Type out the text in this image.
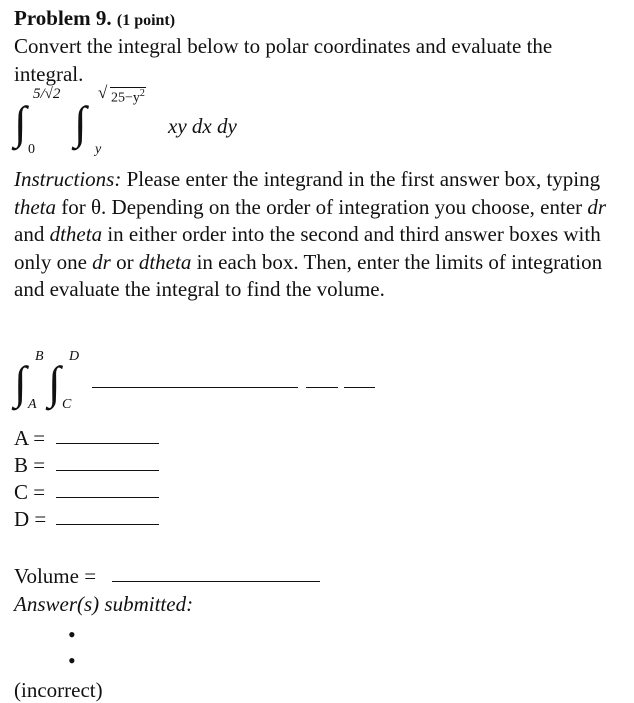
Problem 9. (1 point)
Convert the integral below to polar coordinates and evaluate the integral.
∫
5/√2
0
∫
y
√ $25-y^2$
xy dx dy
Instructions: Please enter the integrand in the first answer box, typing theta for θ. Depending on the order of integration you choose, enter dr and dtheta in either order into the second and third answer boxes with only one dr or dtheta in each box. Then, enter the limits of integration and evaluate the integral to find the volume.
∫
B
A ∫
D
C
A =
B =
C =
D =
Volume =
Answer(s) submitted:
•
•
(incorrect)
